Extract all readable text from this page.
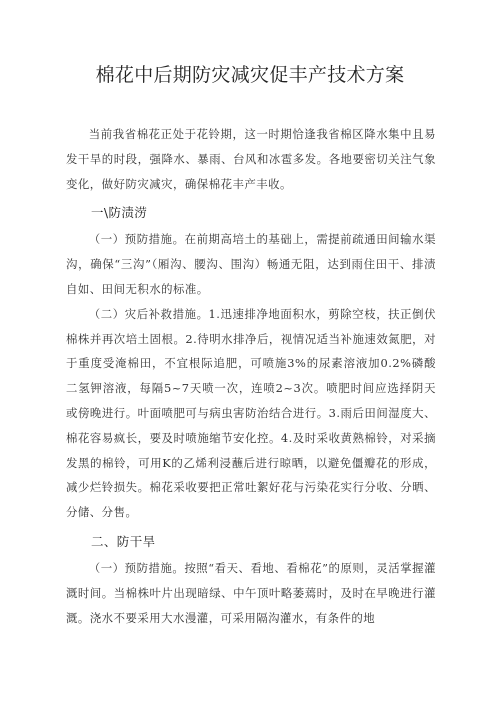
棉花中后期防灾减灾促丰产技术方案

当前我省棉花正处于花铃期，这一时期恰逢我省棉区降水集中且易发干旱的时段，强降水、暴雨、台风和冰雹多发。各地要密切关注气象变化，做好防灾减灾，确保棉花丰产丰收。

一\防渍涝

（一）预防措施。在前期高培土的基础上，需提前疏通田间输水渠沟，确保“三沟”（厢沟、腰沟、围沟）畅通无阻，达到雨住田干、排渍自如、田间无积水的标准。

（二）灾后补救措施。1.迅速排净地面积水，剪除空枝，扶正倒伏棉株并再次培土固根。2.待明水排净后，视情况适当补施速效氮肥，对于重度受淹棉田，不宜根际追肥，可喷施3%的尿素溶液加0.2%磷酸二氢钾溶液，每隔5~7天喷一次，连喷2~3次。喷肥时间应选择阴天或傍晚进行。叶面喷肥可与病虫害防治结合进行。3.雨后田间湿度大、棉花容易疯长，要及时喷施缩节安化控。4.及时采收黄熟棉铃，对采摘发黑的棉铃，可用K的乙烯利浸蘸后进行晾晒，以避免僵瓣花的形成，减少烂铃损失。棉花采收要把正常吐絮好花与污染花实行分收、分晒、分储、分售。

二、防干旱

（一）预防措施。按照“看天、看地、看棉花”的原则，灵活掌握灌溉时间。当棉株叶片出现暗绿、中午顶叶略萎蔫时，及时在早晚进行灌溉。浇水不要采用大水漫灌，可采用隔沟灌水，有条件的地
